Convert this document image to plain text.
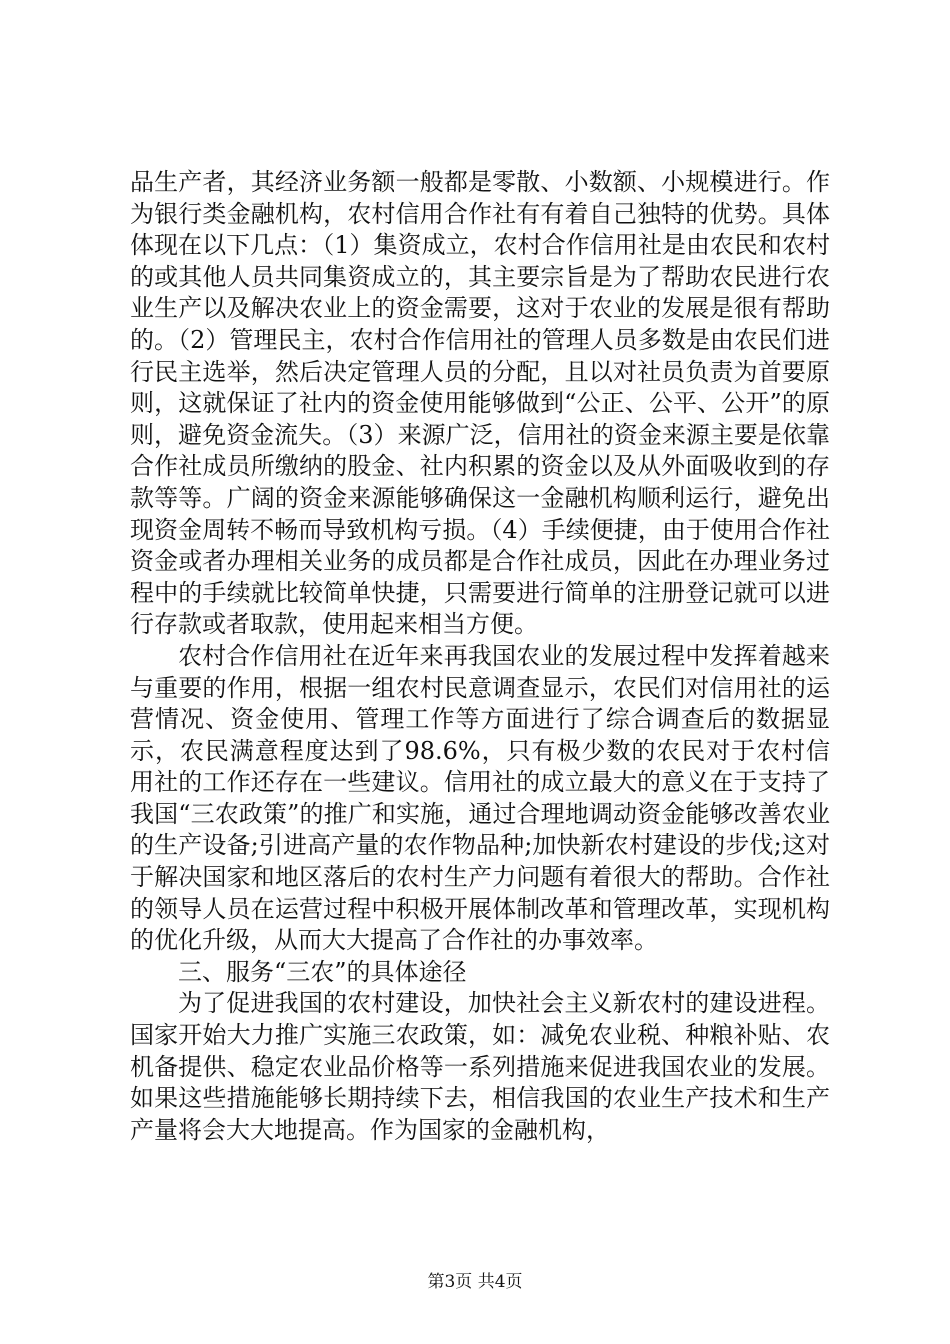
品生产者，其经济业务额一般都是零散、小数额、小规模进行。作为银行类金融机构，农村信用合作社有有着自己独特的优势。具体体现在以下几点：（1）集资成立，农村合作信用社是由农民和农村的或其他人员共同集资成立的，其主要宗旨是为了帮助农民进行农业生产以及解决农业上的资金需要，这对于农业的发展是很有帮助的。（2）管理民主，农村合作信用社的管理人员多数是由农民们进行民主选举，然后决定管理人员的分配，且以对社员负责为首要原则，这就保证了社内的资金使用能够做到“公正、公平、公开”的原则，避免资金流失。（3）来源广泛，信用社的资金来源主要是依靠合作社成员所缴纳的股金、社内积累的资金以及从外面吸收到的存款等等。广阔的资金来源能够确保这一金融机构顺利运行，避免出现资金周转不畅而导致机构亏损。（4）手续便捷，由于使用合作社资金或者办理相关业务的成员都是合作社成员，因此在办理业务过程中的手续就比较简单快捷，只需要进行简单的注册登记就可以进行存款或者取款，使用起来相当方便。

农村合作信用社在近年来再我国农业的发展过程中发挥着越来与重要的作用，根据一组农村民意调查显示，农民们对信用社的运营情况、资金使用、管理工作等方面进行了综合调查后的数据显示，农民满意程度达到了98.6%，只有极少数的农民对于农村信用社的工作还存在一些建议。信用社的成立最大的意义在于支持了我国“三农政策”的推广和实施，通过合理地调动资金能够改善农业的生产设备;引进高产量的农作物品种;加快新农村建设的步伐;这对于解决国家和地区落后的农村生产力问题有着很大的帮助。合作社的领导人员在运营过程中积极开展体制改革和管理改革，实现机构的优化升级，从而大大提高了合作社的办事效率。

三、服务“三农”的具体途径

为了促进我国的农村建设，加快社会主义新农村的建设进程。国家开始大力推广实施三农政策，如：减免农业税、种粮补贴、农机备提供、稳定农业品价格等一系列措施来促进我国农业的发展。如果这些措施能够长期持续下去，相信我国的农业生产技术和生产产量将会大大地提高。作为国家的金融机构，

第3页 共4页
